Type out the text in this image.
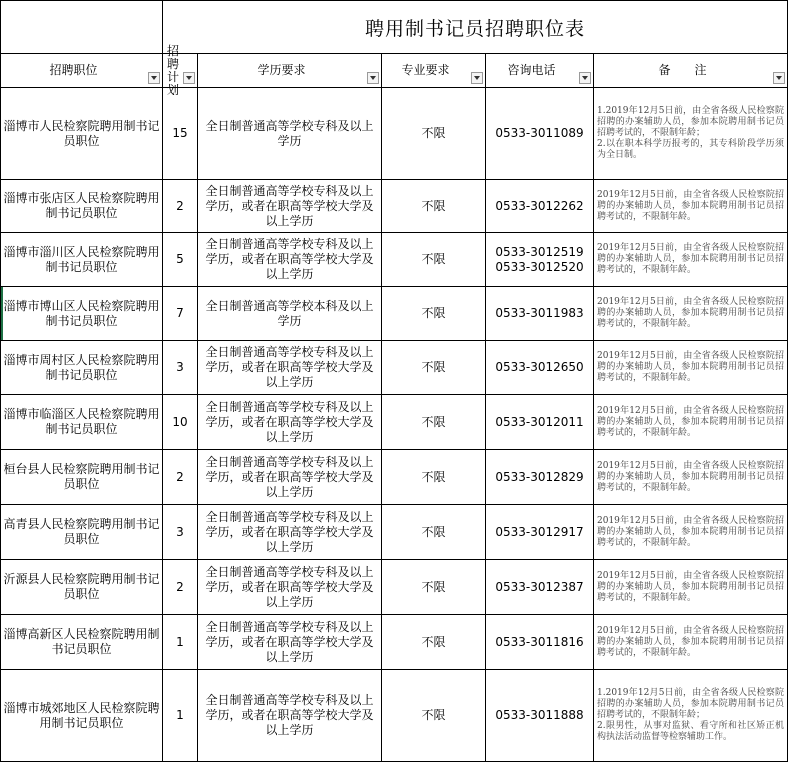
	聘用制书记员招聘职位表				

招聘职位	招聘计划	学历要求	专业要求	咨询电话	备　　注

淄博市人民检察院聘用制书记员职位	15	全日制普通高等学校专科及以上学历	不限	0533-3011089	1.2019年12月5日前，由全省各级人民检察院招聘的办案辅助人员，参加本院聘用制书记员招聘考试的，不限制年龄；
2.以在职本科学历报考的，其专科阶段学历须为全日制。

淄博市张店区人民检察院聘用制书记员职位	2	全日制普通高等学校专科及以上学历，或者在职高等学校大学及以上学历	不限	0533-3012262	2019年12月5日前，由全省各级人民检察院招聘的办案辅助人员，参加本院聘用制书记员招聘考试的，不限制年龄。

淄博市淄川区人民检察院聘用制书记员职位	5	全日制普通高等学校专科及以上学历，或者在职高等学校大学及以上学历	不限	0533-3012519
0533-3012520	2019年12月5日前，由全省各级人民检察院招聘的办案辅助人员，参加本院聘用制书记员招聘考试的，不限制年龄。

淄博市博山区人民检察院聘用制书记员职位	7	全日制普通高等学校本科及以上学历	不限	0533-3011983	2019年12月5日前，由全省各级人民检察院招聘的办案辅助人员，参加本院聘用制书记员招聘考试的，不限制年龄。

淄博市周村区人民检察院聘用制书记员职位	3	全日制普通高等学校专科及以上学历，或者在职高等学校大学及以上学历	不限	0533-3012650	2019年12月5日前，由全省各级人民检察院招聘的办案辅助人员，参加本院聘用制书记员招聘考试的，不限制年龄。

淄博市临淄区人民检察院聘用制书记员职位	10	全日制普通高等学校专科及以上学历，或者在职高等学校大学及以上学历	不限	0533-3012011	2019年12月5日前，由全省各级人民检察院招聘的办案辅助人员，参加本院聘用制书记员招聘考试的，不限制年龄。

桓台县人民检察院聘用制书记员职位	2	全日制普通高等学校专科及以上学历，或者在职高等学校大学及以上学历	不限	0533-3012829	2019年12月5日前，由全省各级人民检察院招聘的办案辅助人员，参加本院聘用制书记员招聘考试的，不限制年龄。

高青县人民检察院聘用制书记员职位	3	全日制普通高等学校专科及以上学历，或者在职高等学校大学及以上学历	不限	0533-3012917	2019年12月5日前，由全省各级人民检察院招聘的办案辅助人员，参加本院聘用制书记员招聘考试的，不限制年龄。

沂源县人民检察院聘用制书记员职位	2	全日制普通高等学校专科及以上学历，或者在职高等学校大学及以上学历	不限	0533-3012387	2019年12月5日前，由全省各级人民检察院招聘的办案辅助人员，参加本院聘用制书记员招聘考试的，不限制年龄。

淄博高新区人民检察院聘用制书记员职位	1	全日制普通高等学校专科及以上学历，或者在职高等学校大学及以上学历	不限	0533-3011816	2019年12月5日前，由全省各级人民检察院招聘的办案辅助人员，参加本院聘用制书记员招聘考试的，不限制年龄。

淄博市城郊地区人民检察院聘用制书记员职位	1	全日制普通高等学校专科及以上学历，或者在职高等学校大学及以上学历	不限	0533-3011888	1.2019年12月5日前，由全省各级人民检察院招聘的办案辅助人员，参加本院聘用制书记员招聘考试的，不限制年龄；
2.限男性，从事对监狱、看守所和社区矫正机构执法活动监督等检察辅助工作。
